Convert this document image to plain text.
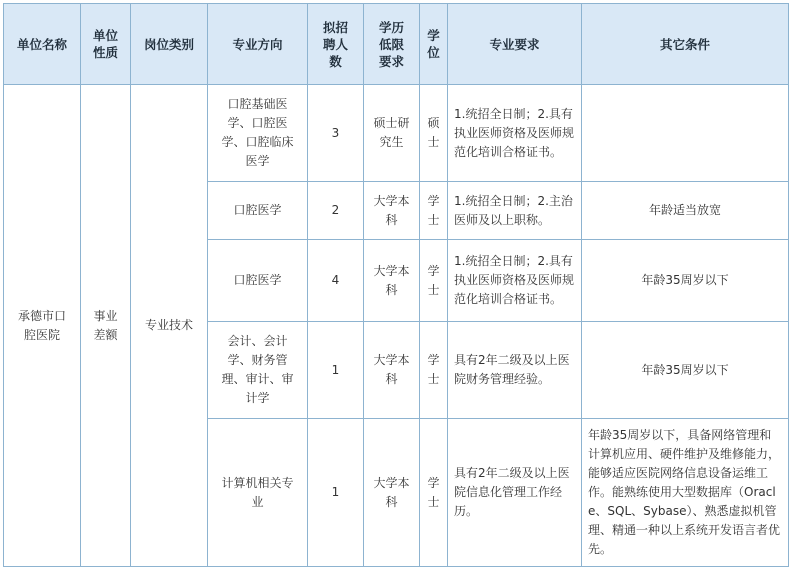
单位名称	单位性质	岗位类别	专业方向	拟招聘人数	学历低限要求	学位	专业要求	其它条件
承德市口腔医院	事业差额	专业技术	口腔基础医学、口腔医学、口腔临床医学	3	硕士研究生	硕士	1.统招全日制；2.具有执业医师资格及医师规范化培训合格证书。	
			口腔医学	2	大学本科	学士	1.统招全日制；2.主治医师及以上职称。	年龄适当放宽
			口腔医学	4	大学本科	学士	1.统招全日制；2.具有执业医师资格及医师规范化培训合格证书。	年龄35周岁以下
			会计、会计学、财务管理、审计、审计学	1	大学本科	学士	具有2年二级及以上医院财务管理经验。	年龄35周岁以下
			计算机相关专业	1	大学本科	学士	具有2年二级及以上医院信息化管理工作经历。	年龄35周岁以下，具备网络管理和计算机应用、硬件维护及维修能力，能够适应医院网络信息设备运维工作。能熟练使用大型数据库（Oracle、SQL、Sybase）、熟悉虚拟机管理、精通一种以上系统开发语言者优先。
